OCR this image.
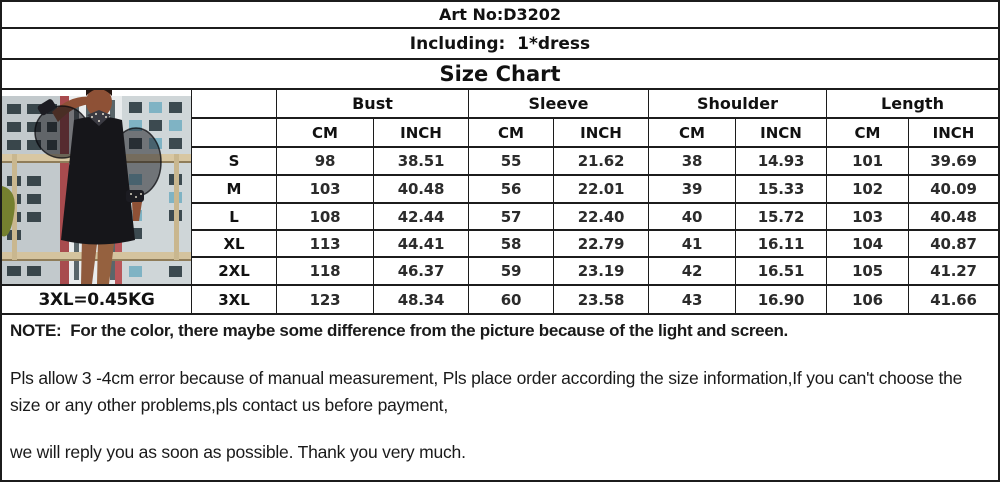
Art No:D3202
Including:  1*dress
Size Chart
Bust	Sleeve	Shoulder	Length
CM	INCH	CM	INCH	CM	INCN	CM	INCH
S	98	38.51	55	21.62	38	14.93	101	39.69
M	103	40.48	56	22.01	39	15.33	102	40.09
L	108	42.44	57	22.40	40	15.72	103	40.48
XL	113	44.41	58	22.79	41	16.11	104	40.87
2XL	118	46.37	59	23.19	42	16.51	105	41.27
3XL=0.45KG	3XL	123	48.34	60	23.58	43	16.90	106	41.66
NOTE:  For the color, there maybe some difference from the picture because of the light and screen.
Pls allow 3 -4cm error because of manual measurement, Pls place order according the size information,If you can't choose the size or any other problems,pls contact us before payment,
we will reply you as soon as possible. Thank you very much.
